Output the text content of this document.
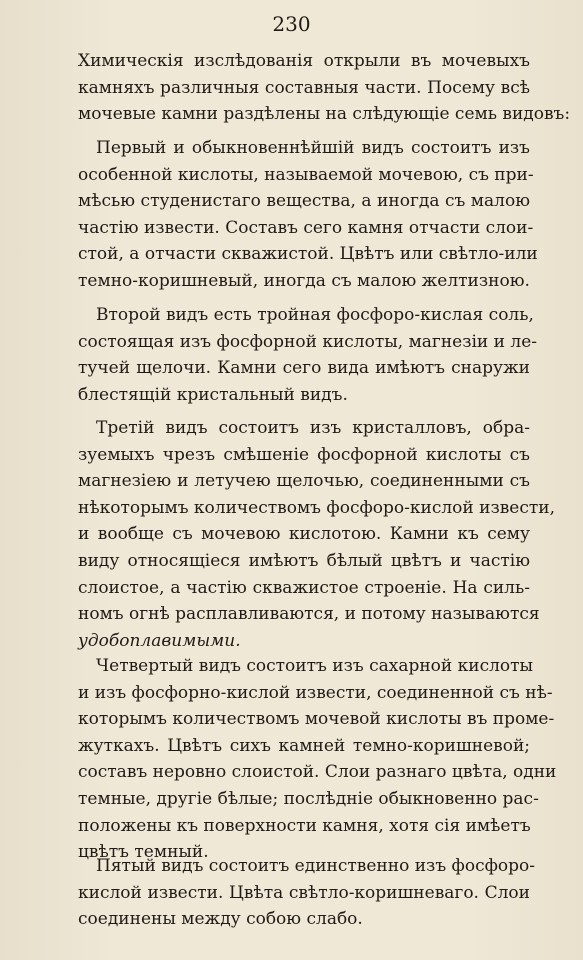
230
Химическія изслѣдованія открыли въ мочевыхъ
камняхъ различныя составныя части. Посему всѣ
мочевые камни раздѣлены на слѣдующіе семь видовъ:
Первый и обыкновеннѣйшій видъ состоитъ изъ
особенной кислоты, называемой мочевою, съ при-
мѣсью студенистаго вещества, а иногда съ малою
частію извести. Составъ сего камня отчасти слои-
стой, а отчасти скважистой. Цвѣтъ или свѣтло-или
темно-коришневый, иногда съ малою желтизною.
Второй видъ есть тройная фосфоро-кислая соль,
состоящая изъ фосфорной кислоты, магнезіи и ле-
тучей щелочи. Камни сего вида имѣютъ снаружи
блестящій кристальный видъ.
Третій видъ состоитъ изъ кристалловъ, обра-
зуемыхъ чрезъ смѣшеніе фосфорной кислоты съ
магнезіею и летучею щелочью, соединенными съ
нѣкоторымъ количествомъ фосфоро-кислой извести,
и вообще съ мочевою кислотою. Камни къ сему
виду относящіеся имѣютъ бѣлый цвѣтъ и частію
слоистое, а частію скважистое строеніе. На силь-
номъ огнѣ расплавливаются, и потому называются
удобоплавимыми.
Четвертый видъ состоитъ изъ сахарной кислоты
и изъ фосфорно-кислой извести, соединенной съ нѣ-
которымъ количествомъ мочевой кислоты въ проме-
жуткахъ. Цвѣтъ сихъ камней темно-коришневой;
составъ неровно слоистой. Слои разнаго цвѣта, одни
темные, другіе бѣлые; послѣдніе обыкновенно рас-
положены къ поверхности камня, хотя сія имѣетъ
цвѣтъ темный.
Пятый видъ состоитъ единственно изъ фосфоро-
кислой извести. Цвѣта свѣтло-коришневаго. Слои
соединены между собою слабо.
